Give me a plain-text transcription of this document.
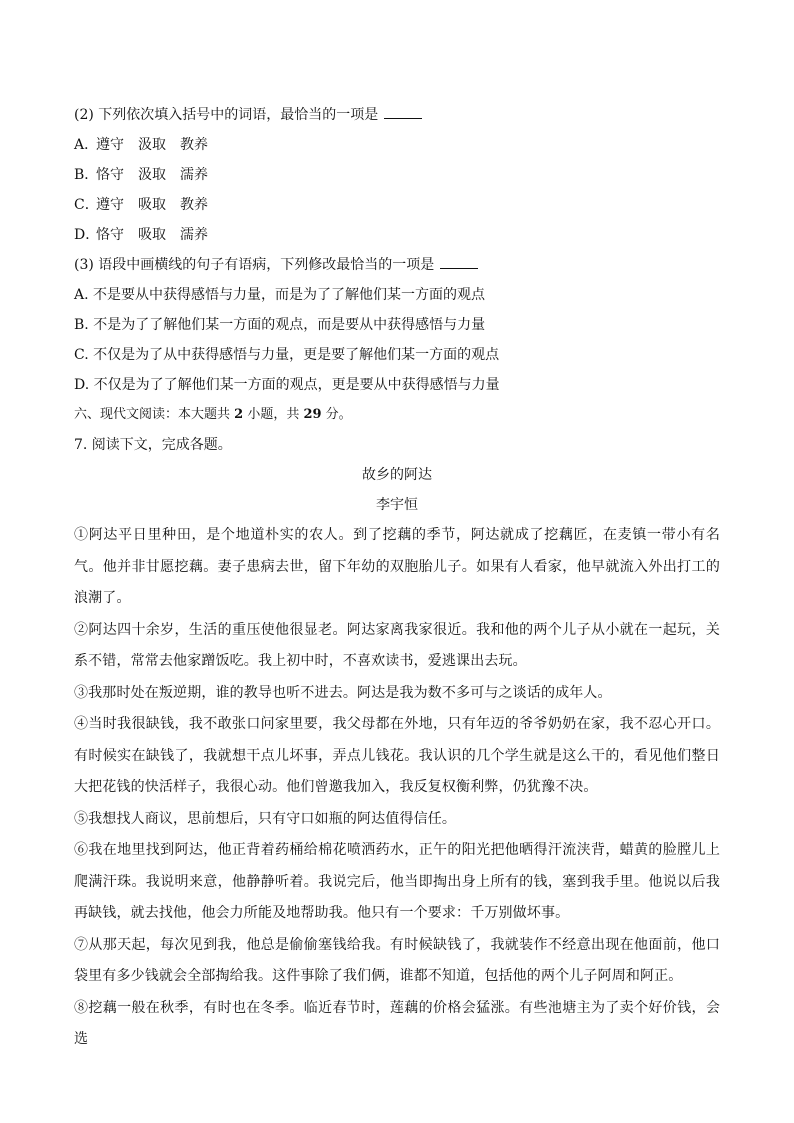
(2) 下列依次填入括号中的词语，最恰当的一项是
A．遵守 汲取 教养
B．恪守 汲取 濡养
C．遵守 吸取 教养
D．恪守 吸取 濡养
(3) 语段中画横线的句子有语病，下列修改最恰当的一项是
A. 不是要从中获得感悟与力量，而是为了了解他们某一方面的观点
B. 不是为了了解他们某一方面的观点，而是要从中获得感悟与力量
C. 不仅是为了从中获得感悟与力量，更是要了解他们某一方面的观点
D. 不仅是为了了解他们某一方面的观点，更是要从中获得感悟与力量
六、现代文阅读：本大题共 2 小题，共 29 分。
7. 阅读下文，完成各题。
故乡的阿达
李宇恒
①阿达平日里种田，是个地道朴实的农人。到了挖藕的季节，阿达就成了挖藕匠，在麦镇一带小有名气。他并非甘愿挖藕。妻子患病去世，留下年幼的双胞胎儿子。如果有人看家，他早就流入外出打工的浪潮了。
②阿达四十余岁，生活的重压使他很显老。阿达家离我家很近。我和他的两个儿子从小就在一起玩，关系不错，常常去他家蹭饭吃。我上初中时，不喜欢读书，爱逃课出去玩。
③我那时处在叛逆期，谁的教导也听不进去。阿达是我为数不多可与之谈话的成年人。
④当时我很缺钱，我不敢张口问家里要，我父母都在外地，只有年迈的爷爷奶奶在家，我不忍心开口。有时候实在缺钱了，我就想干点儿坏事，弄点儿钱花。我认识的几个学生就是这么干的，看见他们整日大把花钱的快活样子，我很心动。他们曾邀我加入，我反复权衡利弊，仍犹豫不决。
⑤我想找人商议，思前想后，只有守口如瓶的阿达值得信任。
⑥我在地里找到阿达，他正背着药桶给棉花喷洒药水，正午的阳光把他晒得汗流浃背，蜡黄的脸膛儿上爬满汗珠。我说明来意，他静静听着。我说完后，他当即掏出身上所有的钱，塞到我手里。他说以后我再缺钱，就去找他，他会力所能及地帮助我。他只有一个要求：千万别做坏事。
⑦从那天起，每次见到我，他总是偷偷塞钱给我。有时候缺钱了，我就装作不经意出现在他面前，他口袋里有多少钱就会全部掏给我。这件事除了我们俩，谁都不知道，包括他的两个儿子阿周和阿正。
⑧挖藕一般在秋季，有时也在冬季。临近春节时，莲藕的价格会猛涨。有些池塘主为了卖个好价钱，会选
